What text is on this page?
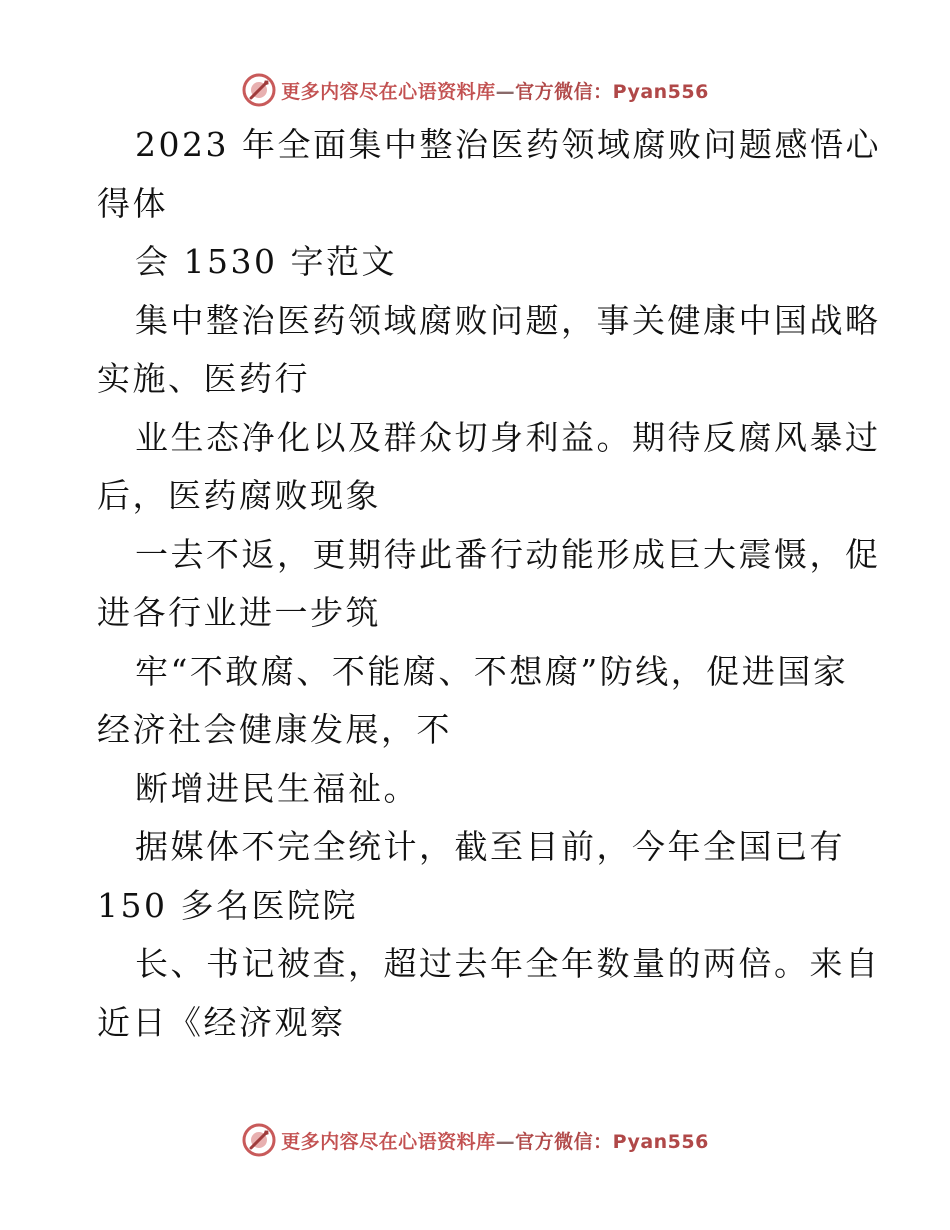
更多内容尽在心语资料库—官方微信：Pyan556
2023 年全面集中整治医药领域腐败问题感悟心
得体
会 1530 字范文
集中整治医药领域腐败问题，事关健康中国战略
实施、医药行
业生态净化以及群众切身利益。期待反腐风暴过
后，医药腐败现象
一去不返，更期待此番行动能形成巨大震慑，促
进各行业进一步筑
牢“不敢腐、不能腐、不想腐”防线，促进国家
经济社会健康发展，不
断增进民生福祉。
据媒体不完全统计，截至目前，今年全国已有
150 多名医院院
长、书记被查，超过去年全年数量的两倍。来自
近日《经济观察
更多内容尽在心语资料库—官方微信：Pyan556
